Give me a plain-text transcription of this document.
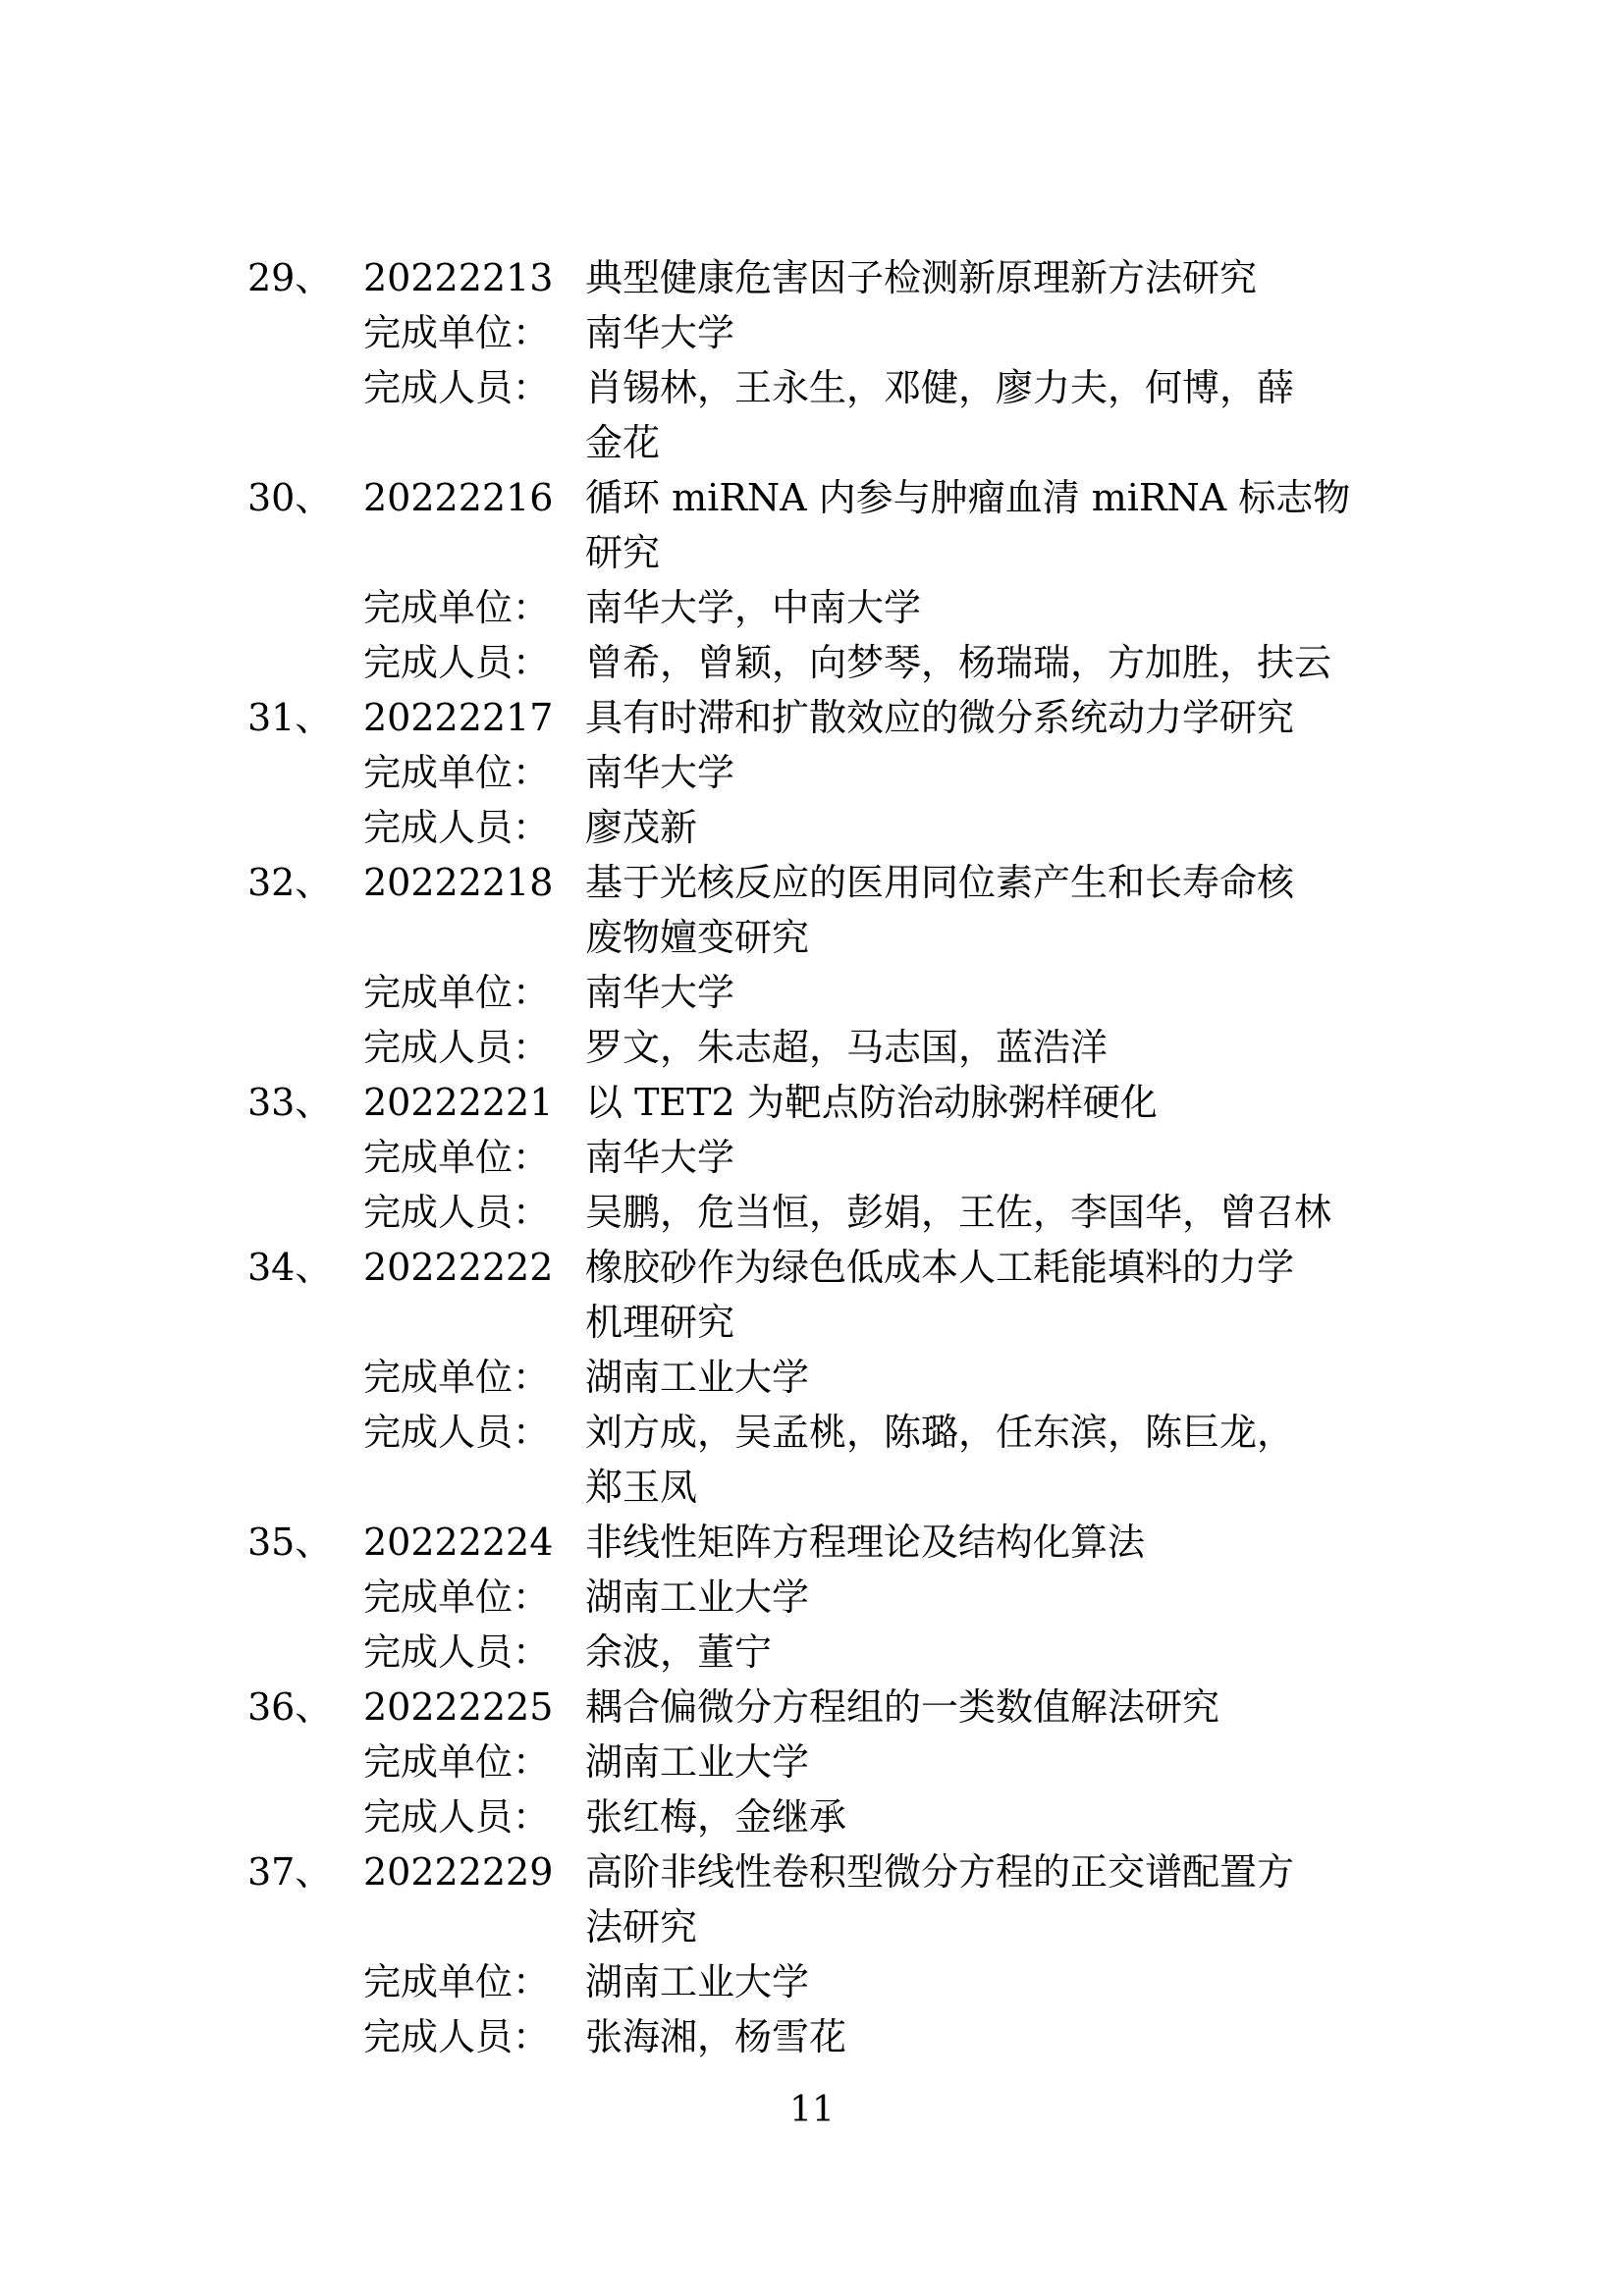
29、 20222213 典型健康危害因子检测新原理新方法研究
完成单位： 南华大学
完成人员： 肖锡林，王永生，邓健，廖力夫，何博，薛
金花
30、 20222216 循环 miRNA 内参与肿瘤血清 miRNA 标志物
研究
完成单位： 南华大学，中南大学
完成人员： 曾希，曾颖，向梦琴，杨瑞瑞，方加胜，扶云
31、 20222217 具有时滞和扩散效应的微分系统动力学研究
完成单位： 南华大学
完成人员： 廖茂新
32、 20222218 基于光核反应的医用同位素产生和长寿命核
废物嬗变研究
完成单位： 南华大学
完成人员： 罗文，朱志超，马志国，蓝浩洋
33、 20222221 以 TET2 为靶点防治动脉粥样硬化
完成单位： 南华大学
完成人员： 吴鹏，危当恒，彭娟，王佐，李国华，曾召林
34、 20222222 橡胶砂作为绿色低成本人工耗能填料的力学
机理研究
完成单位： 湖南工业大学
完成人员： 刘方成，吴孟桃，陈璐，任东滨，陈巨龙，
郑玉凤
35、 20222224 非线性矩阵方程理论及结构化算法
完成单位： 湖南工业大学
完成人员： 余波，董宁
36、 20222225 耦合偏微分方程组的一类数值解法研究
完成单位： 湖南工业大学
完成人员： 张红梅，金继承
37、 20222229 高阶非线性卷积型微分方程的正交谱配置方
法研究
完成单位： 湖南工业大学
完成人员： 张海湘，杨雪花
11
